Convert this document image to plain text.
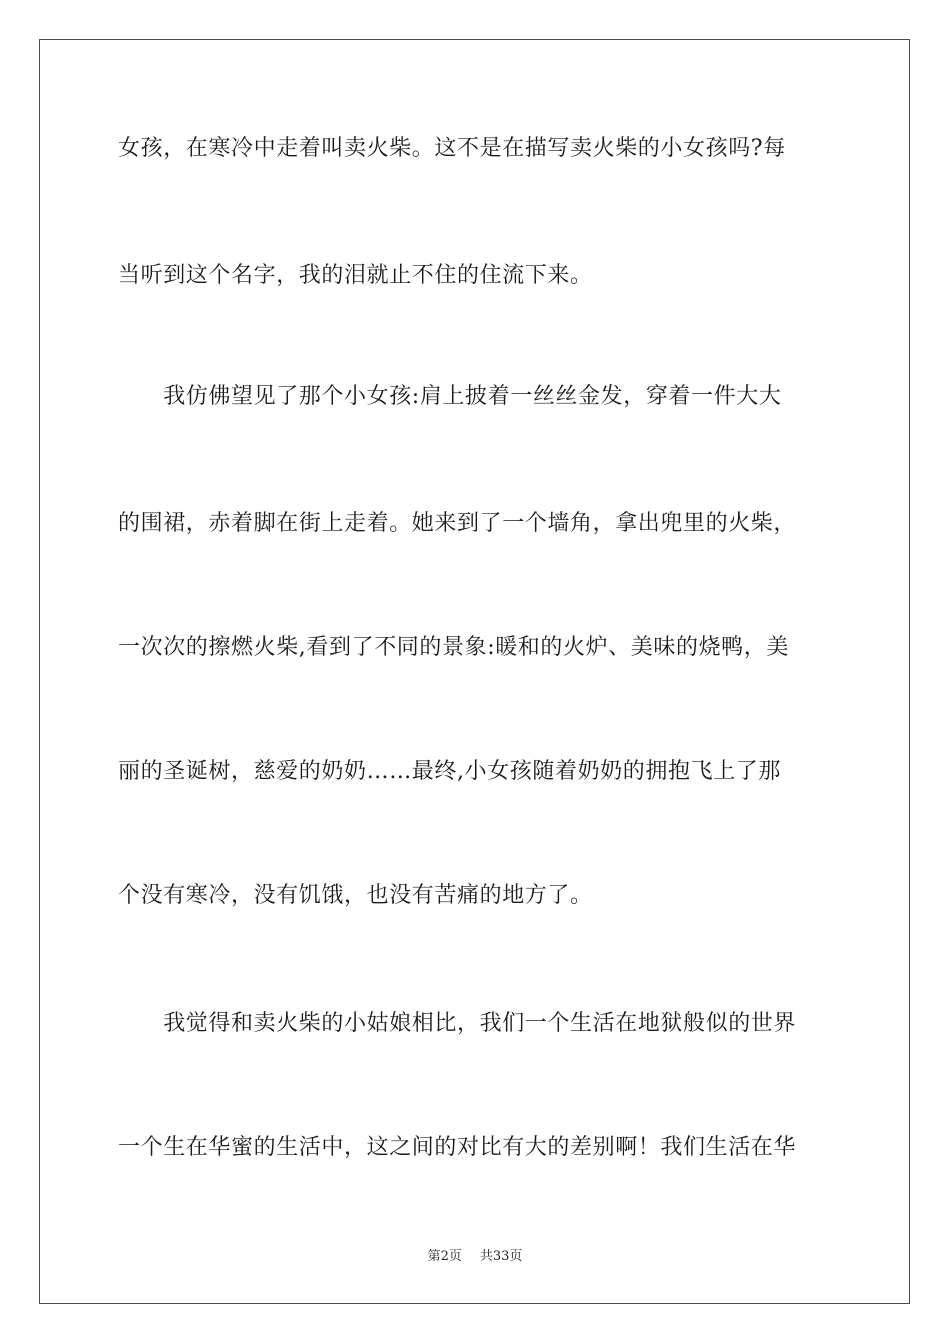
女孩，在寒冷中走着叫卖火柴。这不是在描写卖火柴的小女孩吗?每
当听到这个名字，我的泪就止不住的住流下来。
　　我仿佛望见了那个小女孩:肩上披着一丝丝金发，穿着一件大大
的围裙，赤着脚在街上走着。她来到了一个墙角，拿出兜里的火柴，
一次次的擦燃火柴,看到了不同的景象:暖和的火炉、美味的烧鸭，美
丽的圣诞树，慈爱的奶奶……最终,小女孩随着奶奶的拥抱飞上了那
个没有寒冷，没有饥饿，也没有苦痛的地方了。
　　我觉得和卖火柴的小姑娘相比，我们一个生活在地狱般似的世界
一个生在华蜜的生活中，这之间的对比有大的差别啊！我们生活在华
第2页 共33页
